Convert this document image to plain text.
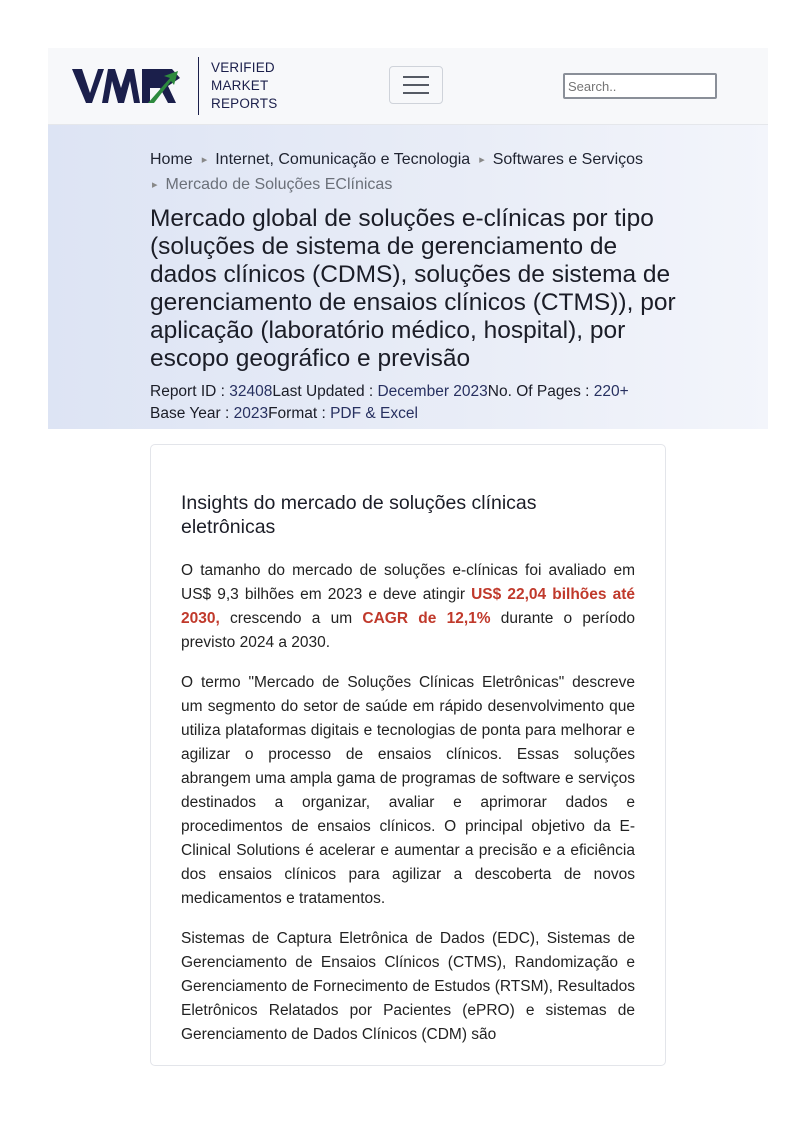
VERIFIED
MARKET
REPORTS
Search..
Home ▸ Internet, Comunicação e Tecnologia ▸ Softwares e Serviços
▸ Mercado de Soluções EClínicas
Mercado global de soluções e-clínicas por tipo (soluções de sistema de gerenciamento de dados clínicos (CDMS), soluções de sistema de gerenciamento de ensaios clínicos (CTMS)), por aplicação (laboratório médico, hospital), por escopo geográfico e previsão
Report ID : 32408Last Updated : December 2023No. Of Pages : 220+
Base Year : 2023Format : PDF & Excel
Insights do mercado de soluções clínicas eletrônicas

O tamanho do mercado de soluções e-clínicas foi avaliado em US$ 9,3 bilhões em 2023 e deve atingir US$ 22,04 bilhões até 2030, crescendo a um CAGR de 12,1% durante o período previsto 2024 a 2030.

O termo "Mercado de Soluções Clínicas Eletrônicas" descreve um segmento do setor de saúde em rápido desenvolvimento que utiliza plataformas digitais e tecnologias de ponta para melhorar e agilizar o processo de ensaios clínicos. Essas soluções abrangem uma ampla gama de programas de software e serviços destinados a organizar, avaliar e aprimorar dados e procedimentos de ensaios clínicos. O principal objetivo da E-Clinical Solutions é acelerar e aumentar a precisão e a eficiência dos ensaios clínicos para agilizar a descoberta de novos medicamentos e tratamentos.

Sistemas de Captura Eletrônica de Dados (EDC), Sistemas de Gerenciamento de Ensaios Clínicos (CTMS), Randomização e Gerenciamento de Fornecimento de Estudos (RTSM), Resultados Eletrônicos Relatados por Pacientes (ePRO) e sistemas de Gerenciamento de Dados Clínicos (CDM) são
